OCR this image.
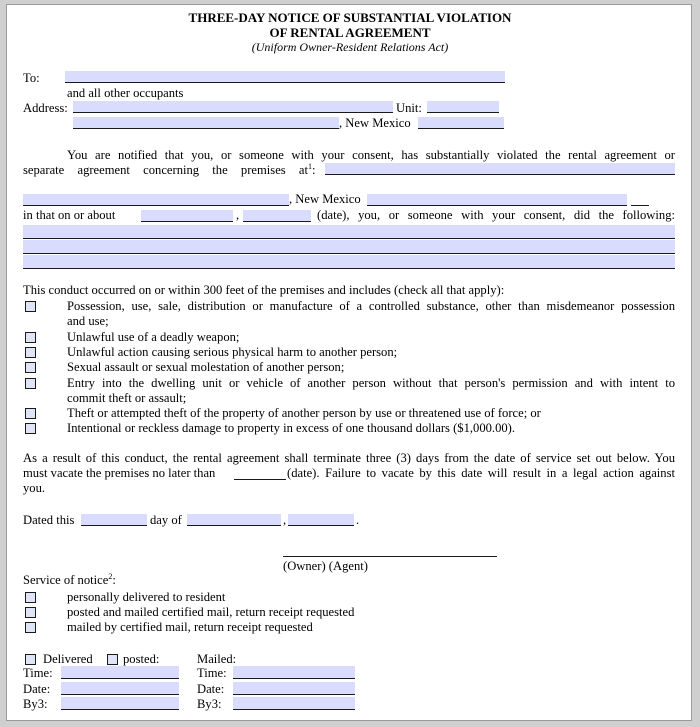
THREE-DAY NOTICE OF SUBSTANTIAL VIOLATION
OF RENTAL AGREEMENT
(Uniform Owner-Resident Relations Act)
To:
and all other occupants
Address:	Unit:
, New Mexico
You are notified that you, or someone with your consent, has substantially violated the rental agreement or
separate agreement concerning the premises $at^1$:
, New Mexico
in that on or about	,	(date), you, or someone with your consent, did the following:
This conduct occurred on or within 300 feet of the premises and includes (check all that apply):
Possession, use, sale, distribution or manufacture of a controlled substance, other than misdemeanor possession
and use;
Unlawful use of a deadly weapon;
Unlawful action causing serious physical harm to another person;
Sexual assault or sexual molestation of another person;
Entry into the dwelling unit or vehicle of another person without that person's permission and with intent to
commit theft or assault;
Theft or attempted theft of the property of another person by use or threatened use of force; or
Intentional or reckless damage to property in excess of one thousand dollars ($1,000.00).
As a result of this conduct, the rental agreement shall terminate three (3) days from the date of service set out below. You
must vacate the premises no later than	(date). Failure to vacate by this date will result in a legal action against
you.
Dated this	day of	,	.
(Owner) (Agent)
Service of notice$^2$:
personally delivered to resident
posted and mailed certified mail, return receipt requested
mailed by certified mail, return receipt requested
Delivered posted:	Mailed:
Time:	Time:
Date:	Date:
By3:	By3:
